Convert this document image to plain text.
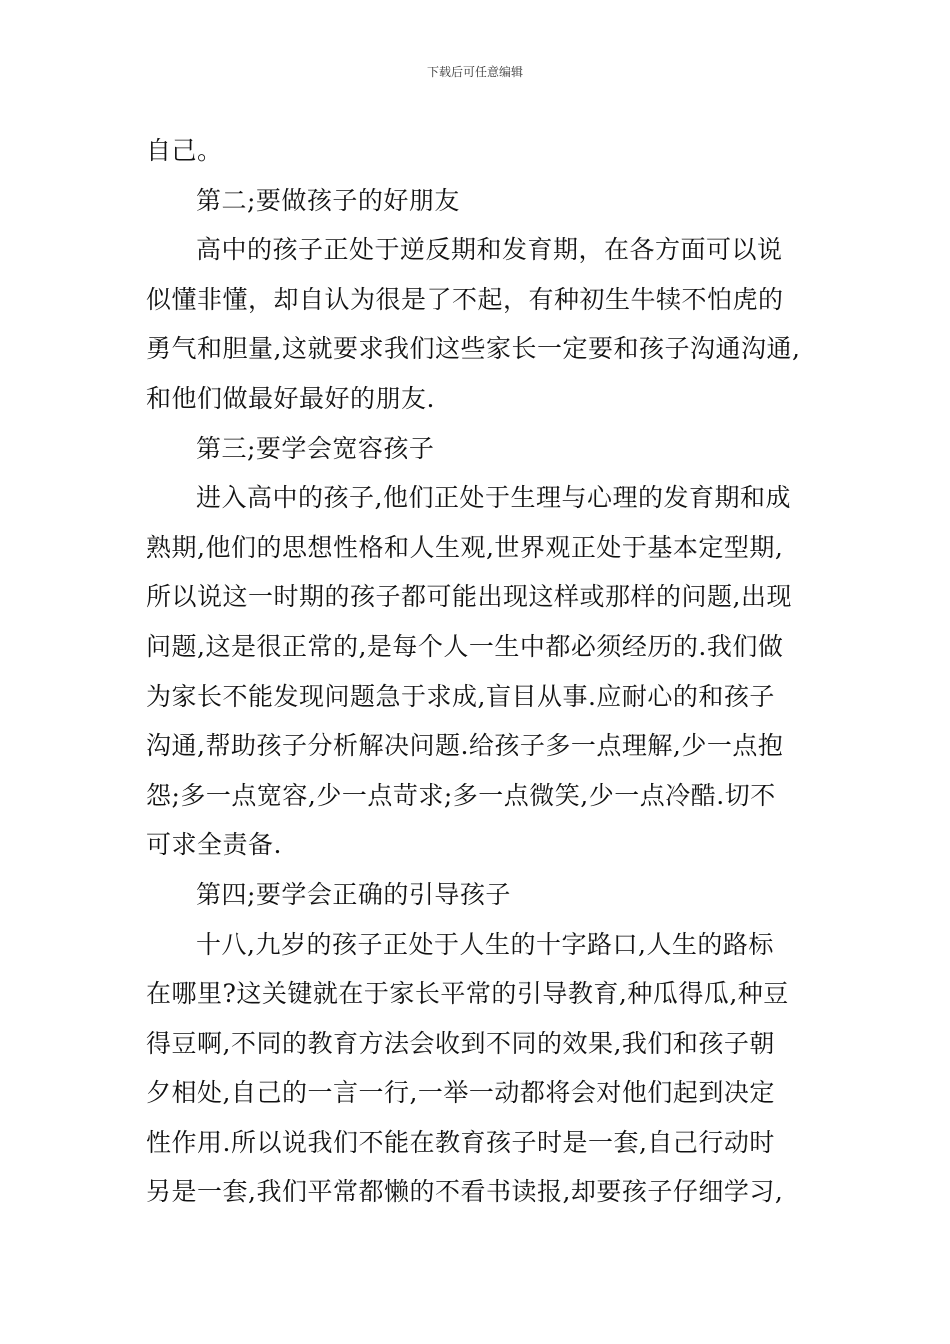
下载后可任意编辑
自己。
第二;要做孩子的好朋友
高中的孩子正处于逆反期和发育期，在各方面可以说
似懂非懂，却自认为很是了不起，有种初生牛犊不怕虎的
勇气和胆量,这就要求我们这些家长一定要和孩子沟通沟通,
和他们做最好最好的朋友.
第三;要学会宽容孩子
进入高中的孩子,他们正处于生理与心理的发育期和成
熟期,他们的思想性格和人生观,世界观正处于基本定型期,
所以说这一时期的孩子都可能出现这样或那样的问题,出现
问题,这是很正常的,是每个人一生中都必须经历的.我们做
为家长不能发现问题急于求成,盲目从事.应耐心的和孩子
沟通,帮助孩子分析解决问题.给孩子多一点理解,少一点抱
怨;多一点宽容,少一点苛求;多一点微笑,少一点冷酷.切不
可求全责备.
第四;要学会正确的引导孩子
十八,九岁的孩子正处于人生的十字路口,人生的路标
在哪里?这关键就在于家长平常的引导教育,种瓜得瓜,种豆
得豆啊,不同的教育方法会收到不同的效果,我们和孩子朝
夕相处,自己的一言一行,一举一动都将会对他们起到决定
性作用.所以说我们不能在教育孩子时是一套,自己行动时
另是一套,我们平常都懒的不看书读报,却要孩子仔细学习,
